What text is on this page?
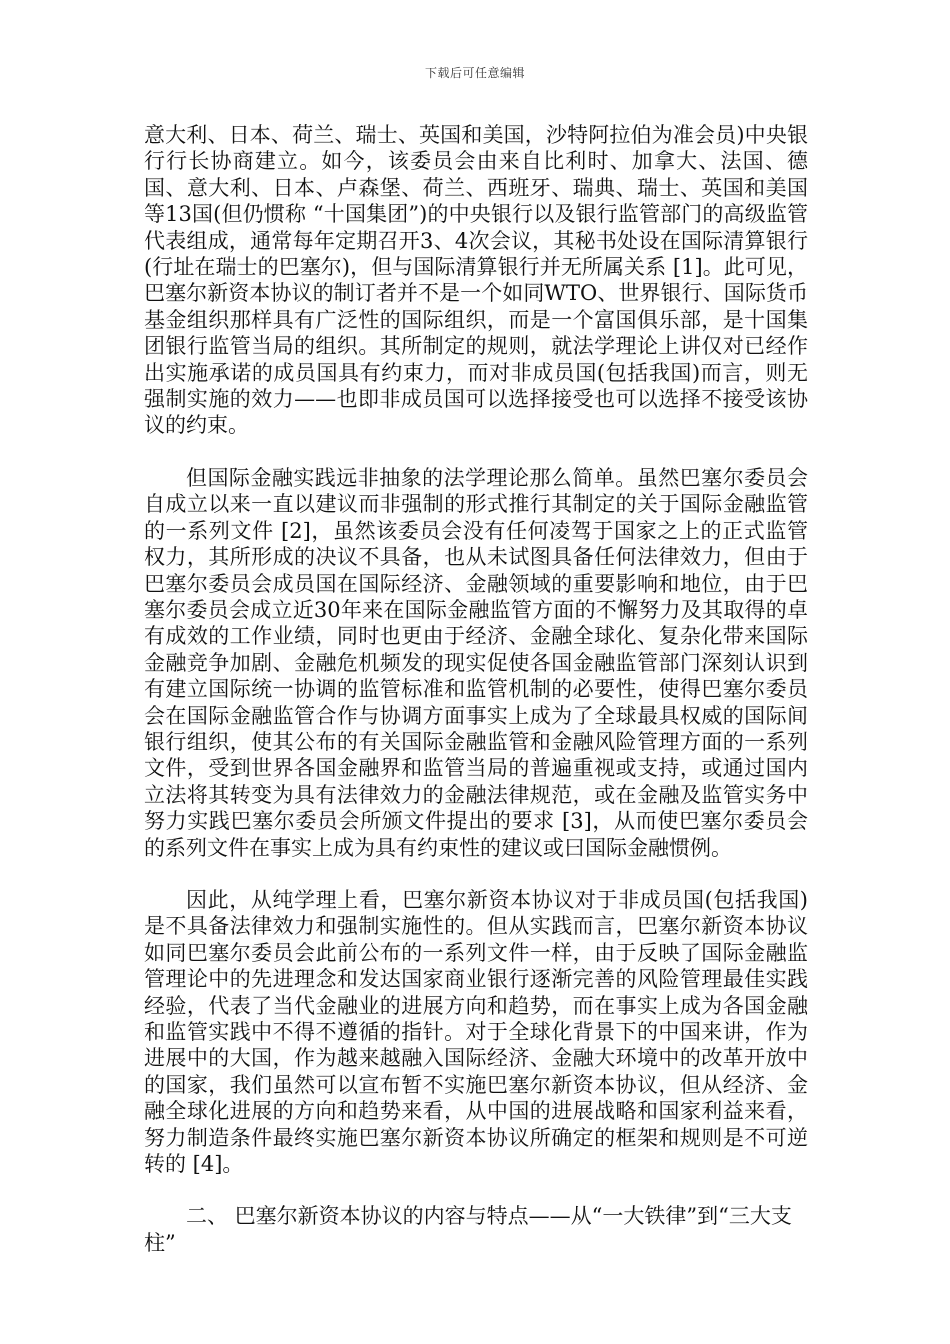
下载后可任意编辑

意大利、日本、荷兰、瑞士、英国和美国，沙特阿拉伯为准会员)中央银行行长协商建立。如今，该委员会由来自比利时、加拿大、法国、德国、意大利、日本、卢森堡、荷兰、西班牙、瑞典、瑞士、英国和美国等13国(但仍惯称 “十国集团”)的中央银行以及银行监管部门的高级监管代表组成，通常每年定期召开3、4次会议，其秘书处设在国际清算银行(行址在瑞士的巴塞尔)，但与国际清算银行并无所属关系 [1]。此可见，巴塞尔新资本协议的制订者并不是一个如同WTO、世界银行、国际货币基金组织那样具有广泛性的国际组织，而是一个富国俱乐部，是十国集团银行监管当局的组织。其所制定的规则，就法学理论上讲仅对已经作出实施承诺的成员国具有约束力，而对非成员国(包括我国)而言，则无强制实施的效力——也即非成员国可以选择接受也可以选择不接受该协议的约束。

但国际金融实践远非抽象的法学理论那么简单。虽然巴塞尔委员会自成立以来一直以建议而非强制的形式推行其制定的关于国际金融监管的一系列文件 [2]，虽然该委员会没有任何凌驾于国家之上的正式监管权力，其所形成的决议不具备，也从未试图具备任何法律效力，但由于巴塞尔委员会成员国在国际经济、金融领域的重要影响和地位，由于巴塞尔委员会成立近30年来在国际金融监管方面的不懈努力及其取得的卓有成效的工作业绩，同时也更由于经济、金融全球化、复杂化带来国际金融竞争加剧、金融危机频发的现实促使各国金融监管部门深刻认识到有建立国际统一协调的监管标准和监管机制的必要性，使得巴塞尔委员会在国际金融监管合作与协调方面事实上成为了全球最具权威的国际间银行组织，使其公布的有关国际金融监管和金融风险管理方面的一系列文件，受到世界各国金融界和监管当局的普遍重视或支持，或通过国内立法将其转变为具有法律效力的金融法律规范，或在金融及监管实务中努力实践巴塞尔委员会所颁文件提出的要求 [3]，从而使巴塞尔委员会的系列文件在事实上成为具有约束性的建议或曰国际金融惯例。

因此，从纯学理上看，巴塞尔新资本协议对于非成员国(包括我国)是不具备法律效力和强制实施性的。但从实践而言，巴塞尔新资本协议如同巴塞尔委员会此前公布的一系列文件一样，由于反映了国际金融监管理论中的先进理念和发达国家商业银行逐渐完善的风险管理最佳实践经验，代表了当代金融业的进展方向和趋势，而在事实上成为各国金融和监管实践中不得不遵循的指针。对于全球化背景下的中国来讲，作为进展中的大国，作为越来越融入国际经济、金融大环境中的改革开放中的国家，我们虽然可以宣布暂不实施巴塞尔新资本协议，但从经济、金融全球化进展的方向和趋势来看，从中国的进展战略和国家利益来看，努力制造条件最终实施巴塞尔新资本协议所确定的框架和规则是不可逆转的 [4]。

二、 巴塞尔新资本协议的内容与特点——从“一大铁律”到“三大支柱”
